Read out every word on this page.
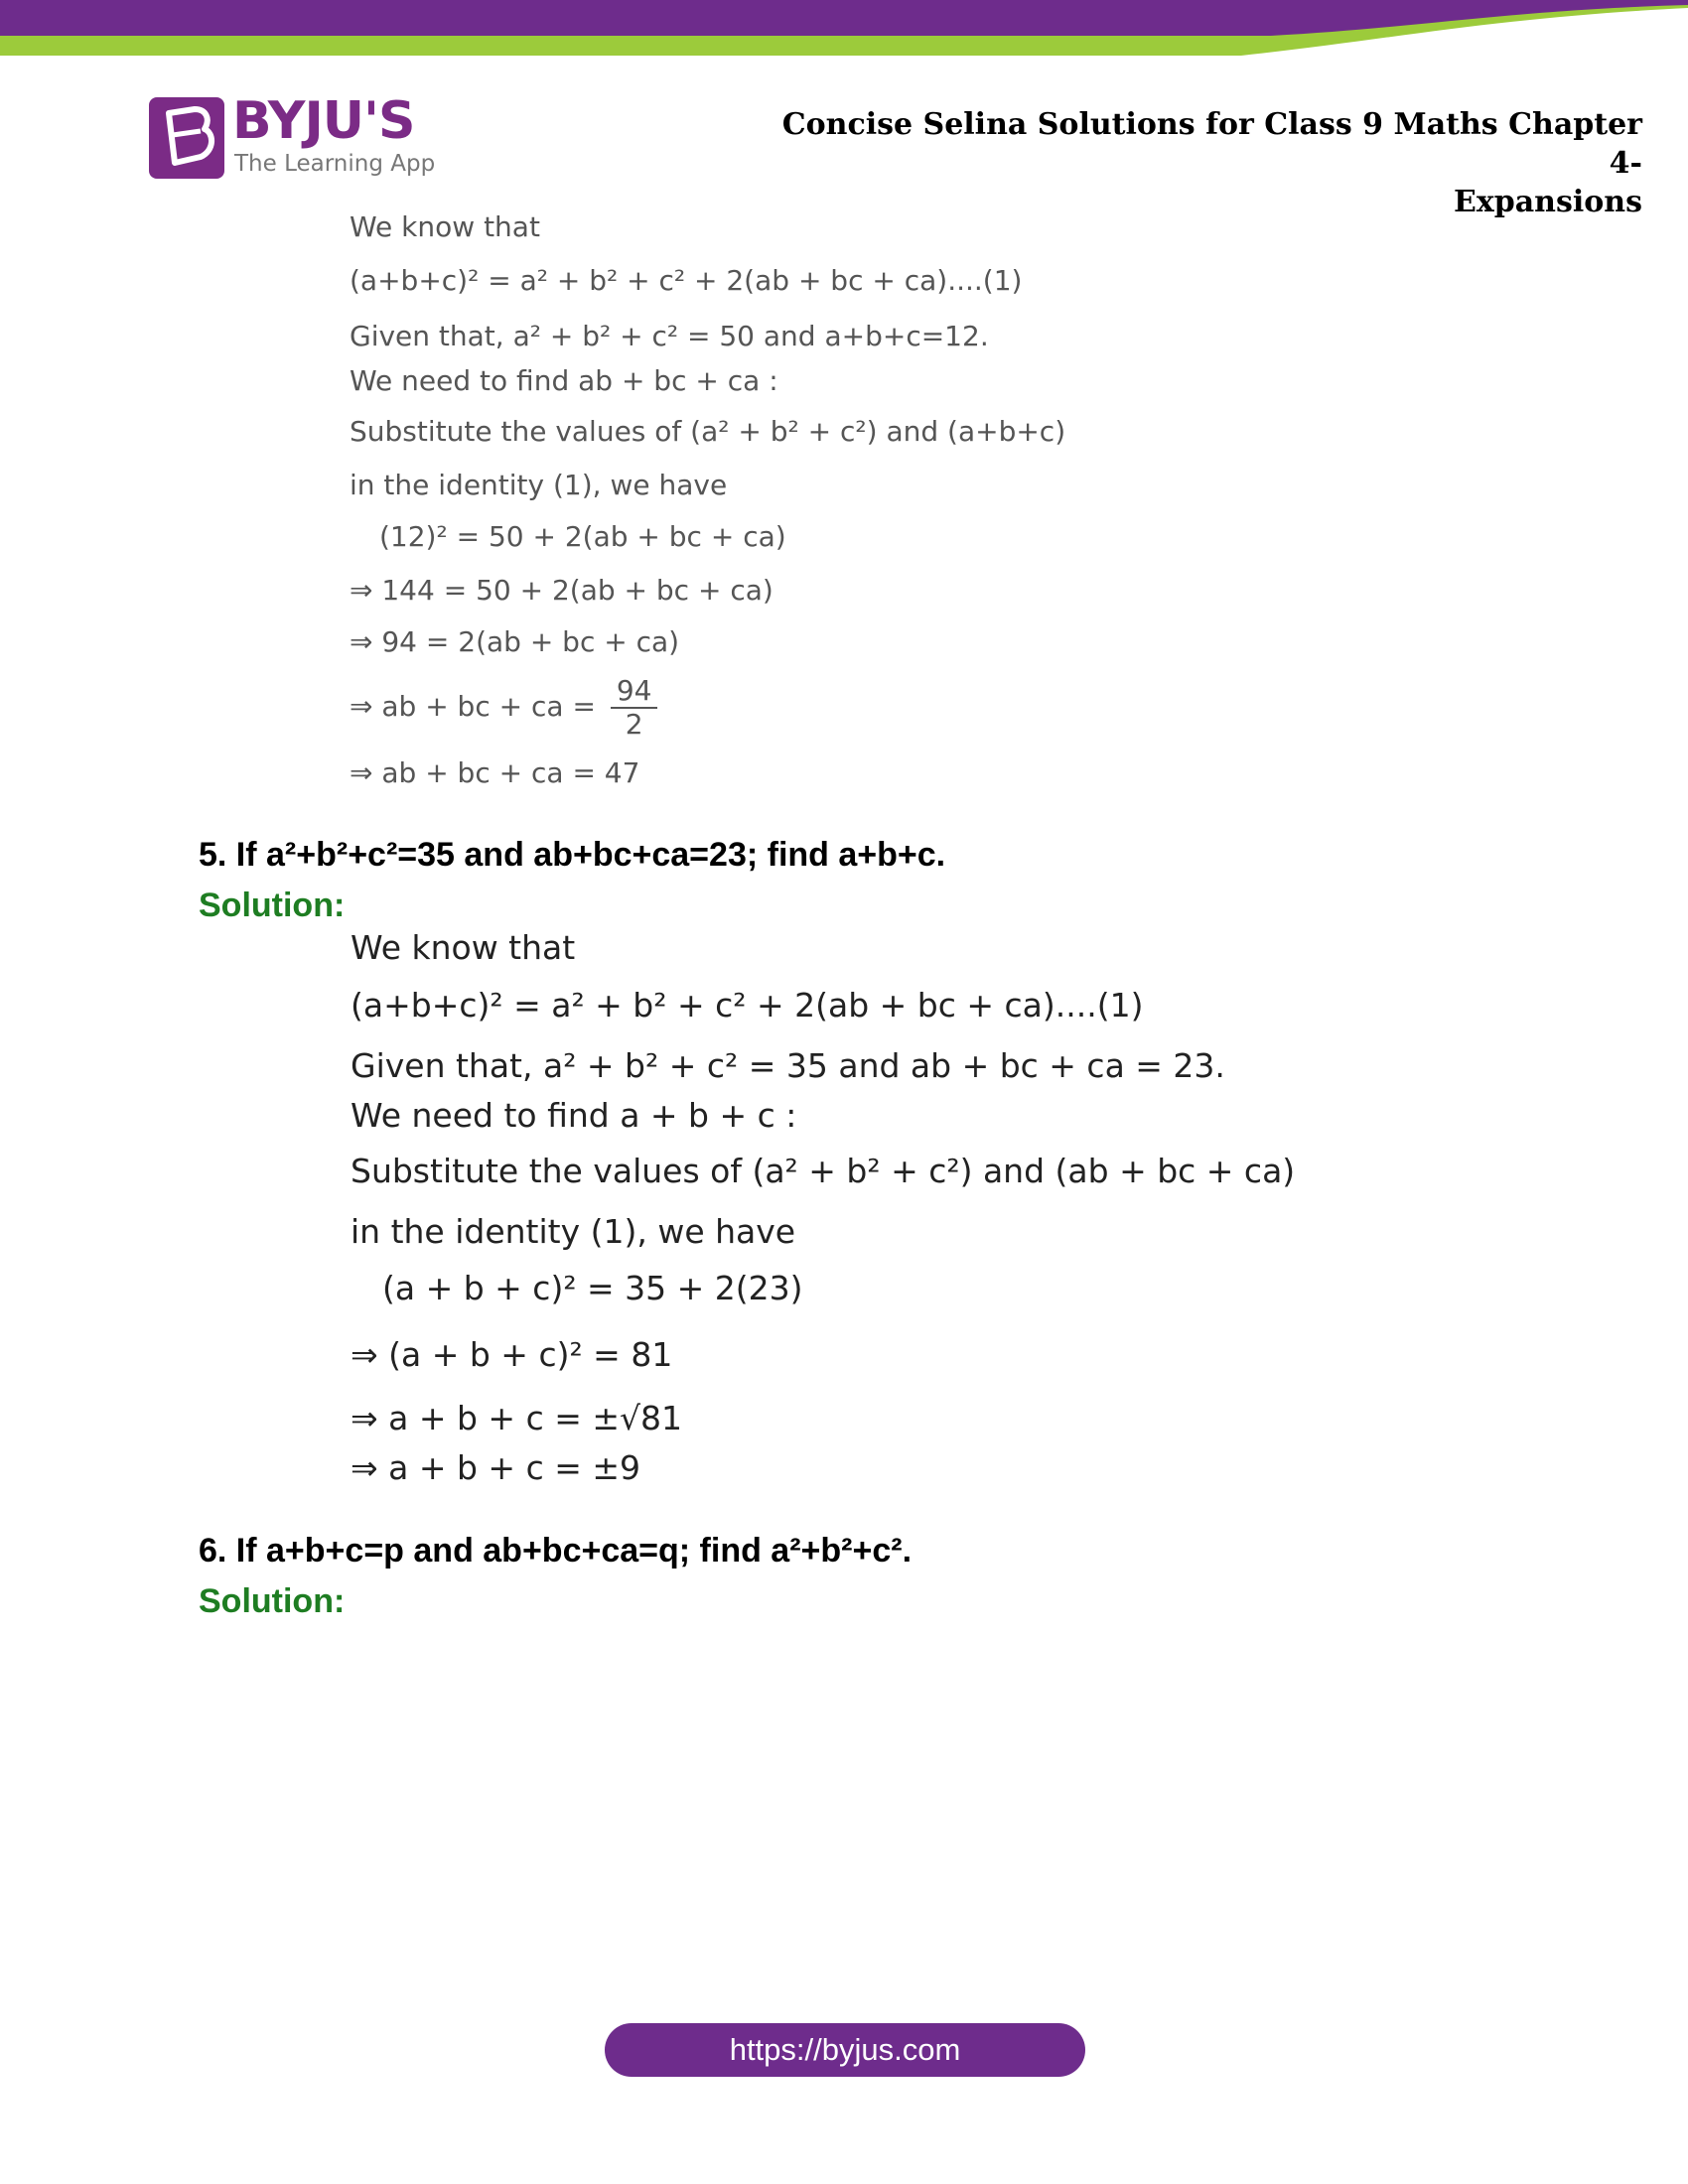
BYJU'S
The Learning App
Concise Selina Solutions for Class 9 Maths Chapter 4-
Expansions
We know that
(a+b+c)² = a² + b² + c² + 2(ab + bc + ca)....(1)
Given that, a² + b² + c² = 50 and a+b+c=12.
We need to find ab + bc + ca :
Substitute the values of (a² + b² + c²) and (a+b+c)
in the identity (1), we have
(12)² = 50 + 2(ab + bc + ca)
⇒ 144 = 50 + 2(ab + bc + ca)
⇒ 94 = 2(ab + bc + ca)
⇒ ab + bc + ca = $\frac{94}{2}$
⇒ ab + bc + ca = 47
5. If a²+b²+c²=35 and ab+bc+ca=23; find a+b+c.
Solution:
We know that
(a+b+c)² = a² + b² + c² + 2(ab + bc + ca)....(1)
Given that, a² + b² + c² = 35 and ab + bc + ca = 23.
We need to find a + b + c :
Substitute the values of (a² + b² + c²) and (ab + bc + ca)
in the identity (1), we have
(a + b + c)² = 35 + 2(23)
⇒ (a + b + c)² = 81
⇒ a + b + c = ±√81
⇒ a + b + c = ±9
6. If a+b+c=p and ab+bc+ca=q; find a²+b²+c².
Solution:
https://byjus.com
